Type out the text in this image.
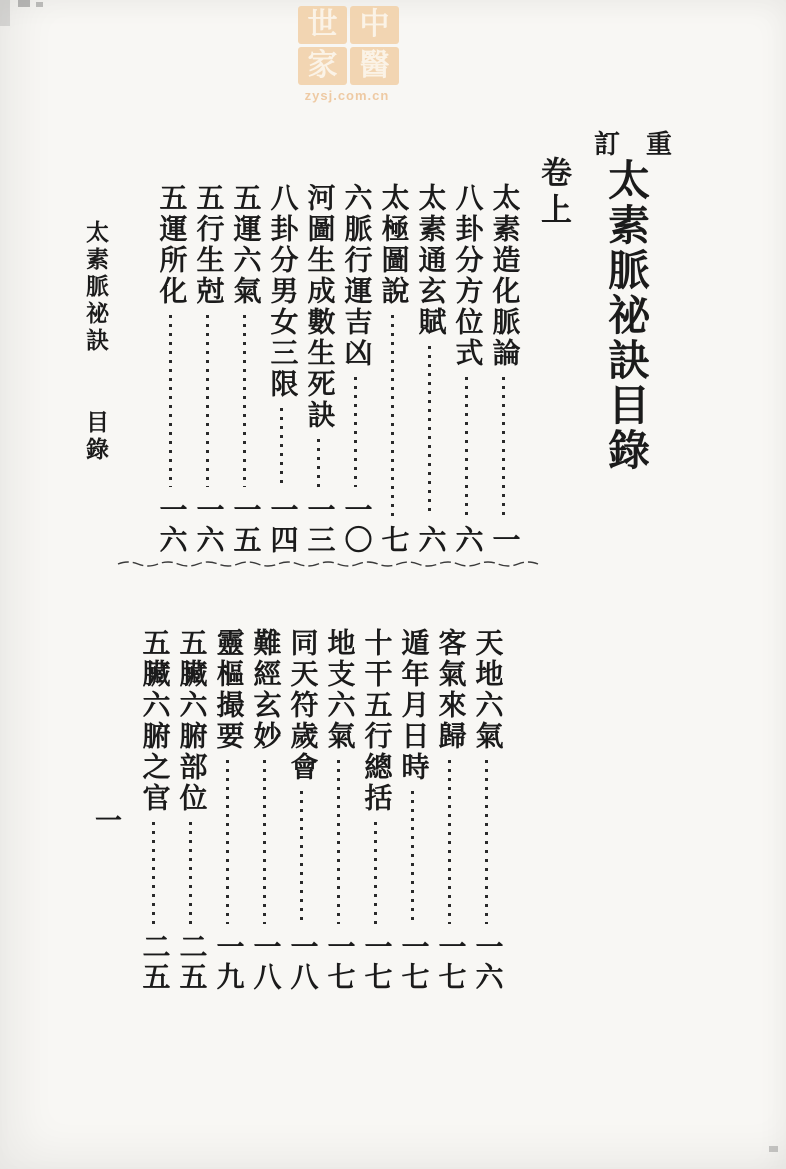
中
世
醫
家
zysj.com.cn
重
訂
太素脈祕訣目錄
卷上
太素造化脈論
一
八卦分方位式
六
太素通玄賦
六
太極圖說
七
六脈行運吉凶
一〇
河圖生成數生死訣
一三
八卦分男女三限
一四
五運六氣
一五
五行生尅
一六
五運所化
一六
天地六氣
一六
客氣來歸
一七
遁年月日時
一七
十干五行總括
一七
地支六氣
一七
同天符歲會
一八
難經玄妙
一八
靈樞撮要
一九
五臟六腑部位
二五
五臟六腑之官
二五
太素脈祕訣 目錄
一
